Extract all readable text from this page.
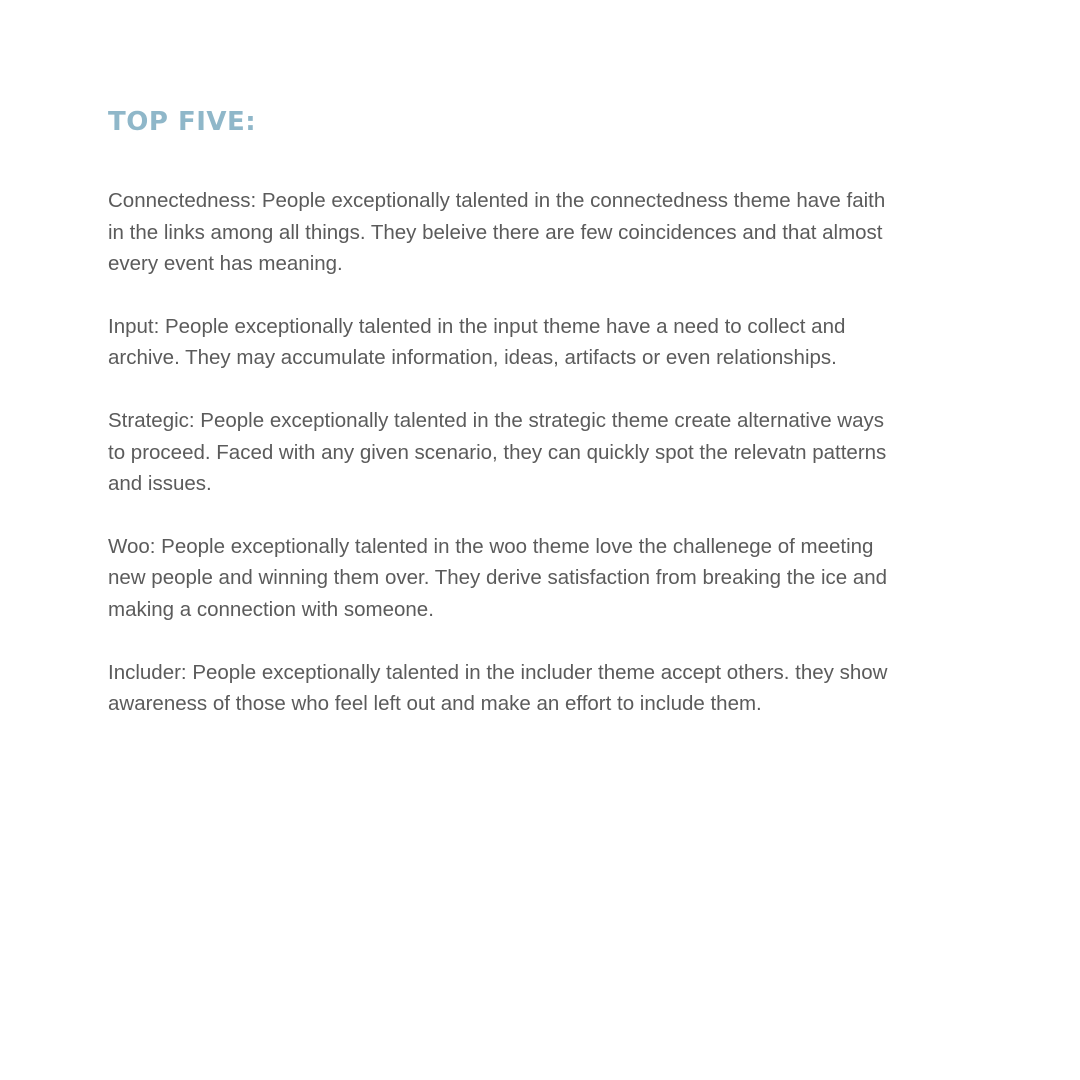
TOP FIVE:
Connectedness: People exceptionally talented in the connectedness theme have faith in the links among all things. They beleive there are few coincidences and that almost every event has meaning.
Input: People exceptionally talented in the input theme have a need to collect and archive. They may accumulate information, ideas, artifacts or even relationships.
Strategic: People exceptionally talented in the strategic theme create alternative ways to proceed. Faced with any given scenario, they can quickly spot the relevatn patterns and issues.
Woo: People exceptionally talented in the woo theme love the challenege of meeting new people and winning them over. They derive satisfaction from breaking the ice and making a connection with someone.
Includer: People exceptionally talented in the includer theme accept others. they show awareness of those who feel left out and make an effort to include them.
